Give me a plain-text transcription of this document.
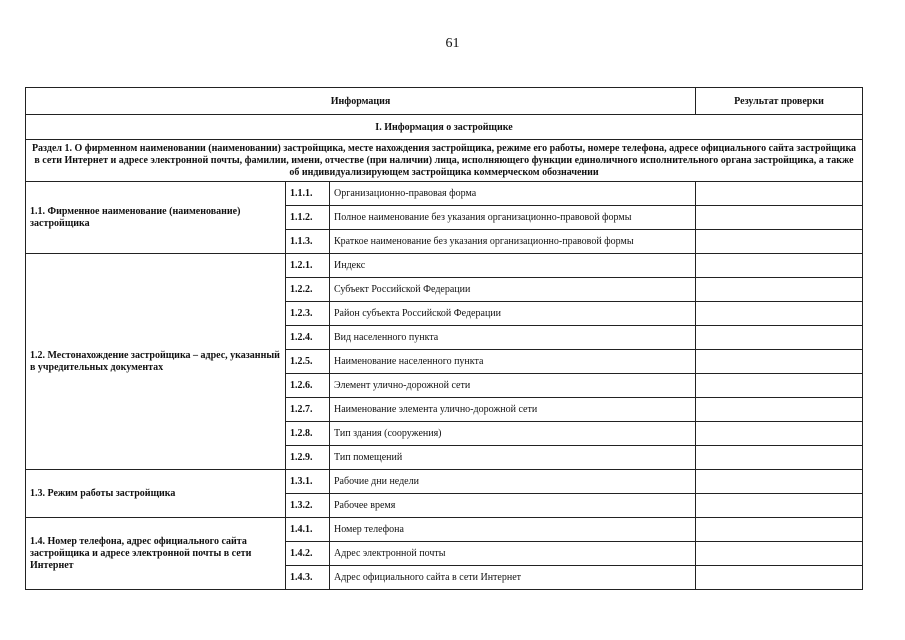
61
Информация			Результат проверки
I. Информация о застройщике			
Раздел 1. О фирменном наименовании (наименовании) застройщика, месте нахождения застройщика, режиме его работы, номере телефона, адресе официального сайта застройщика в сети Интернет и адресе электронной почты, фамилии, имени, отчестве (при наличии) лица, исполняющего функции единоличного исполнительного органа застройщика, а также об индивидуализирующем застройщика коммерческом обозначении			
1.1. Фирменное наименование (наименование) застройщика	1.1.1.	Организационно-правовая форма	
	1.1.2.	Полное наименование без указания организационно-правовой формы	
	1.1.3.	Краткое наименование без указания организационно-правовой формы	
1.2. Местонахождение застройщика – адрес, указанный в учредительных документах	1.2.1.	Индекс	
	1.2.2.	Субъект Российской Федерации	
	1.2.3.	Район субъекта Российской Федерации	
	1.2.4.	Вид населенного пункта	
	1.2.5.	Наименование населенного пункта	
	1.2.6.	Элемент улично-дорожной сети	
	1.2.7.	Наименование элемента улично-дорожной сети	
	1.2.8.	Тип здания (сооружения)	
	1.2.9.	Тип помещений	
1.3. Режим работы застройщика	1.3.1.	Рабочие дни недели	
	1.3.2.	Рабочее время	
1.4. Номер телефона, адрес официального сайта застройщика и адресе электронной почты в сети Интернет	1.4.1.	Номер телефона	
	1.4.2.	Адрес электронной почты	
	1.4.3.	Адрес официального сайта в сети Интернет	
